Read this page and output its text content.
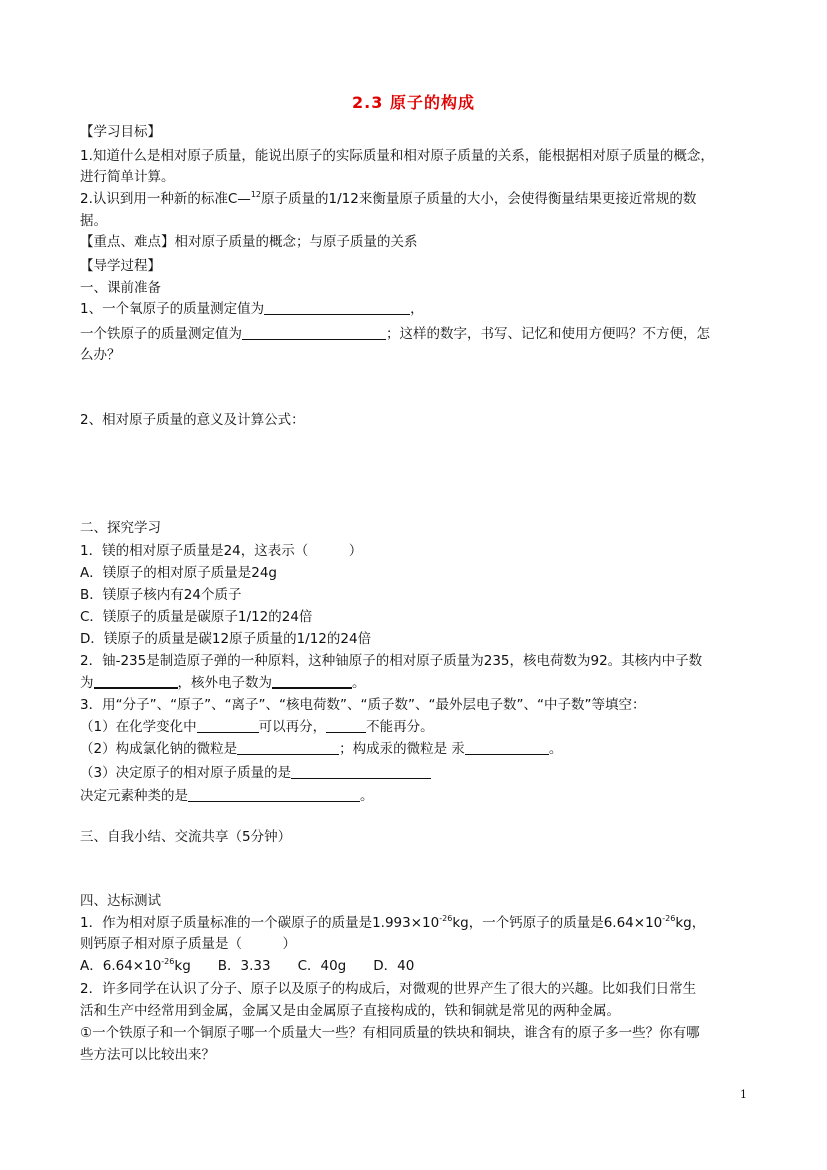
2.3 原子的构成
【学习目标】
1.知道什么是相对原子质量，能说出原子的实际质量和相对原子质量的关系，能根据相对原子质量的概念，
进行简单计算。
2.认识到用一种新的标准C—$^{12}$原子质量的1/12来衡量原子质量的大小，会使得衡量结果更接近常规的数
据。
【重点、难点】相对原子质量的概念；与原子质量的关系
【导学过程】
一、课前准备
1、一个氧原子的质量测定值为	，
一个铁原子的质量测定值为	；这样的数字，书写、记忆和使用方便吗？不方便，怎
么办？
2、相对原子质量的意义及计算公式：
二、探究学习
1．镁的相对原子质量是24，这表示（　　　）
A．镁原子的相对原子质量是24g
B．镁原子核内有24个质子
C．镁原子的质量是碳原子1/12的24倍
D．镁原子的质量是碳12原子质量的1/12的24倍
2．铀-235是制造原子弹的一种原料，这种铀原子的相对原子质量为235，核电荷数为92。其核内中子数
为	，核外电子数为	。
3．用“分子”、“原子”、“离子”、“核电荷数”、“质子数”、“最外层电子数”、“中子数”等填空：
（1）在化学变化中	可以再分，	不能再分。
（2）构成氯化钠的微粒是	；构成汞的微粒是 汞	。
（3）决定原子的相对原子质量的是
决定元素种类的是	。
三、自我小结、交流共享（5分钟）
四、达标测试
1．作为相对原子质量标准的一个碳原子的质量是$1.993\times 10^{-26}kg$，一个钙原子的质量是$6.64\times 10^{-26}kg$，
则钙原子相对原子质量是（　　　）
A．$6.64\times 10^{-26}kg$　　B．3.33　　C．40g　　D．40
2．许多同学在认识了分子、原子以及原子的构成后，对微观的世界产生了很大的兴趣。比如我们日常生
活和生产中经常用到金属，金属又是由金属原子直接构成的，铁和铜就是常见的两种金属。
①一个铁原子和一个铜原子哪一个质量大一些？有相同质量的铁块和铜块，谁含有的原子多一些？你有哪
些方法可以比较出来？
1
